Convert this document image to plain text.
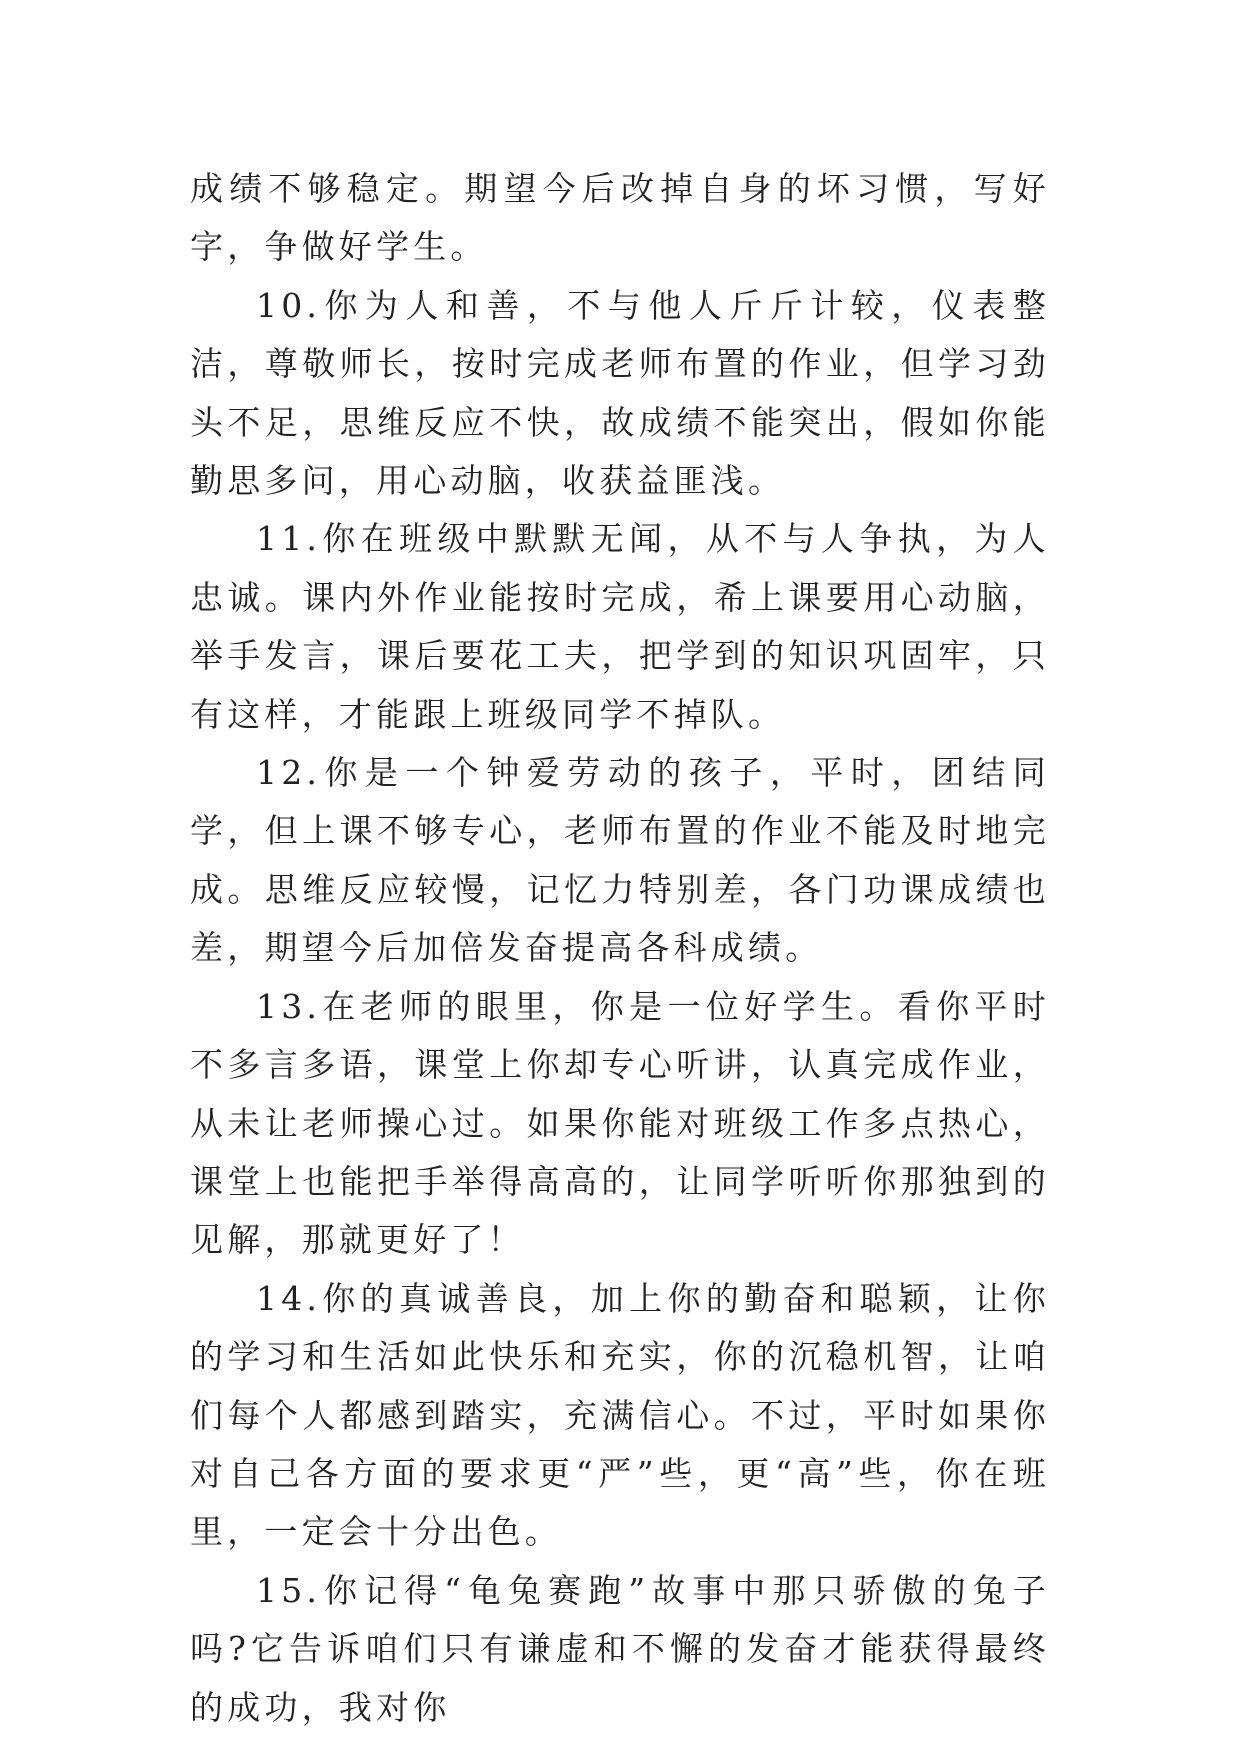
成绩不够稳定。期望今后改掉自身的坏习惯，写好字，争做好学生。

10.你为人和善，不与他人斤斤计较，仪表整洁，尊敬师长，按时完成老师布置的作业，但学习劲头不足，思维反应不快，故成绩不能突出，假如你能勤思多问，用心动脑，收获益匪浅。

11.你在班级中默默无闻，从不与人争执，为人忠诚。课内外作业能按时完成，希上课要用心动脑，举手发言，课后要花工夫，把学到的知识巩固牢，只有这样，才能跟上班级同学不掉队。

12.你是一个钟爱劳动的孩子，平时，团结同学，但上课不够专心，老师布置的作业不能及时地完成。思维反应较慢，记忆力特别差，各门功课成绩也差，期望今后加倍发奋提高各科成绩。

13.在老师的眼里，你是一位好学生。看你平时不多言多语，课堂上你却专心听讲，认真完成作业，从未让老师操心过。如果你能对班级工作多点热心，课堂上也能把手举得高高的，让同学听听你那独到的见解，那就更好了！

14.你的真诚善良，加上你的勤奋和聪颖，让你的学习和生活如此快乐和充实，你的沉稳机智，让咱们每个人都感到踏实，充满信心。不过，平时如果你对自己各方面的要求更“严”些，更“高”些，你在班里，一定会十分出色。

15.你记得“龟兔赛跑”故事中那只骄傲的兔子吗?它告诉咱们只有谦虚和不懈的发奋才能获得最终的成功，我对你
